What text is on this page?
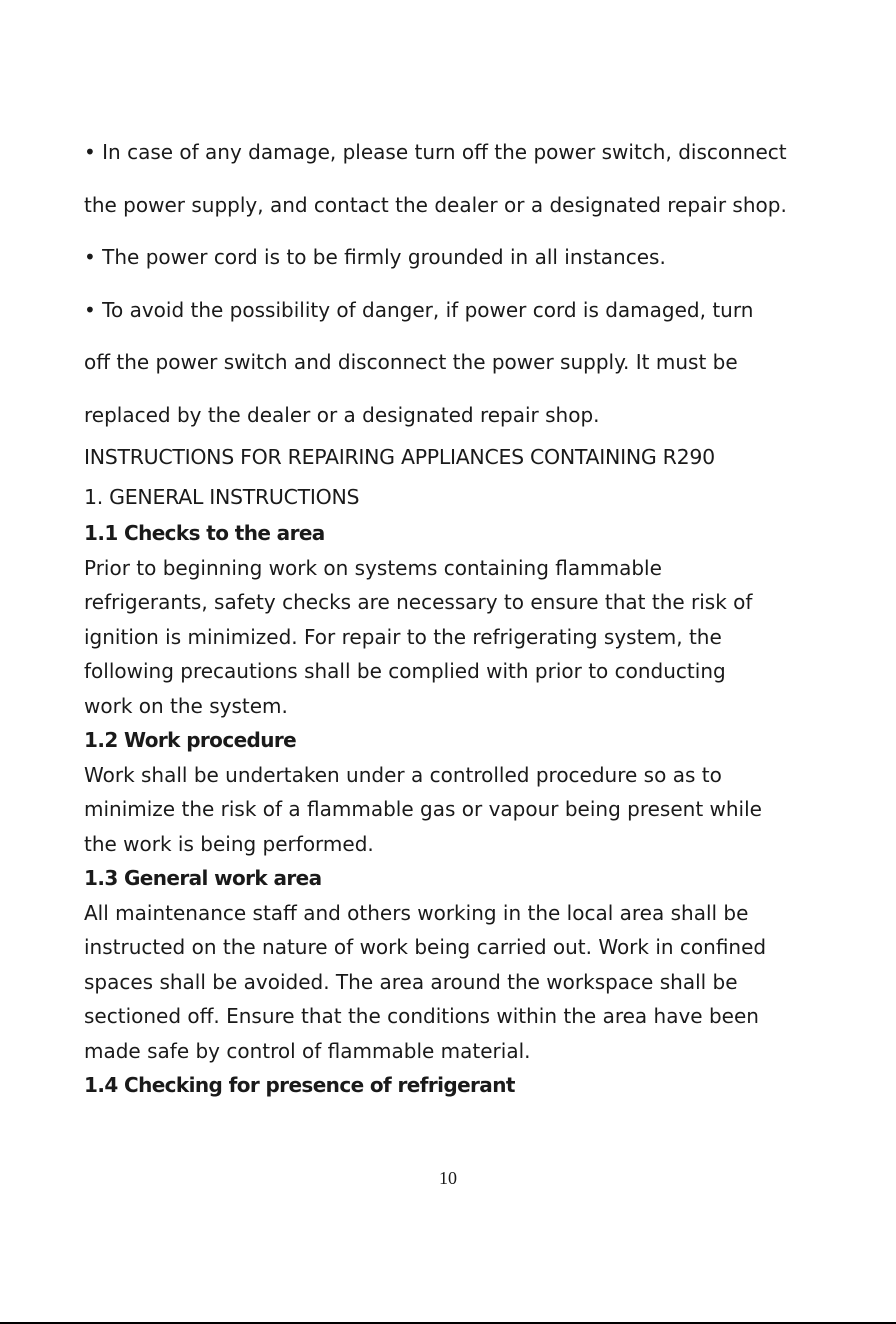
• In case of any damage, please turn off the power switch, disconnect
the power supply, and contact the dealer or a designated repair shop.
• The power cord is to be firmly grounded in all instances.
• To avoid the possibility of danger, if power cord is damaged, turn
off the power switch and disconnect the power supply. It must be
replaced by the dealer or a designated repair shop.
INSTRUCTIONS FOR REPAIRING APPLIANCES CONTAINING R290
1. GENERAL INSTRUCTIONS
1.1 Checks to the area
Prior to beginning work on systems containing flammable
refrigerants, safety checks are necessary to ensure that the risk of
ignition is minimized. For repair to the refrigerating system, the
following precautions shall be complied with prior to conducting
work on the system.
1.2 Work procedure
Work shall be undertaken under a controlled procedure so as to
minimize the risk of a flammable gas or vapour being present while
the work is being performed.
1.3 General work area
All maintenance staff and others working in the local area shall be
instructed on the nature of work being carried out. Work in confined
spaces shall be avoided. The area around the workspace shall be
sectioned off. Ensure that the conditions within the area have been
made safe by control of flammable material.
1.4 Checking for presence of refrigerant
10
